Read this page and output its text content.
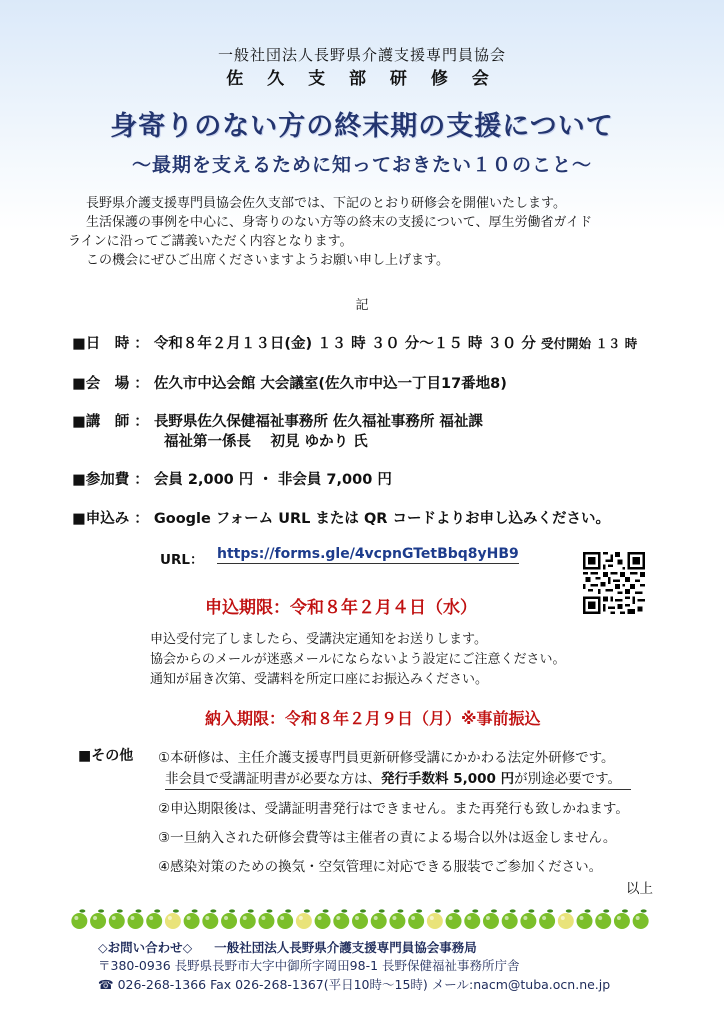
一般社団法人長野県介護支援専門員協会
佐 久 支 部 研 修 会
身寄りのない方の終末期の支援について
～最期を支えるために知っておきたい１０のこと～

長野県介護支援専門員協会佐久支部では、下記のとおり研修会を開催いたします。

生活保護の事例を中心に、身寄りのない方等の終末の支援について、厚生労働省ガイド

ラインに沿ってご講義いただく内容となります。

この機会にぜひご出席くださいますようお願い申し上げます。

記
■日　時 ： 令和８年２月１３日(金) １３ 時 ３０ 分～１５ 時 ３０ 分 受付開始 １３ 時
■会　場 ： 佐久市中込会館 大会議室(佐久市中込一丁目17番地8)
■講　師 ： 長野県佐久保健福祉事務所 佐久福祉事務所 福祉課
福祉第一係長　 初見 ゆかり 氏
■参加費 ： 会員 2,000 円 ・ 非会員 7,000 円
■申込み ： Google フォーム URL または QR コードよりお申し込みください。
URL： https://forms.gle/4vcpnGTetBbq8yHB9
申込期限：令和８年２月４日（水）

申込受付完了しましたら、受講決定通知をお送りします。

協会からのメールが迷惑メールにならないよう設定にご注意ください。

通知が届き次第、受講料を所定口座にお振込みください。

納入期限：令和８年２月９日（月）※事前振込
■その他 ①本研修は、主任介護支援専門員更新研修受講にかかわる法定外研修です。
非会員で受講証明書が必要な方は、発行手数料 5,000 円が別途必要です。
②申込期限後は、受講証明書発行はできません。また再発行も致しかねます。
③一旦納入された研修会費等は主催者の責による場合以外は返金しません。
④感染対策のための換気・空気管理に対応できる服装でご参加ください。
以上
◇お問い合わせ◇ 一般社団法人長野県介護支援専門員協会事務局
〒380-0936 長野県長野市大字中御所字岡田98-1 長野保健福祉事務所庁舎
☎ 026-268-1366 Fax 026-268-1367(平日10時～15時) メール:nacm@tuba.ocn.ne.jp
